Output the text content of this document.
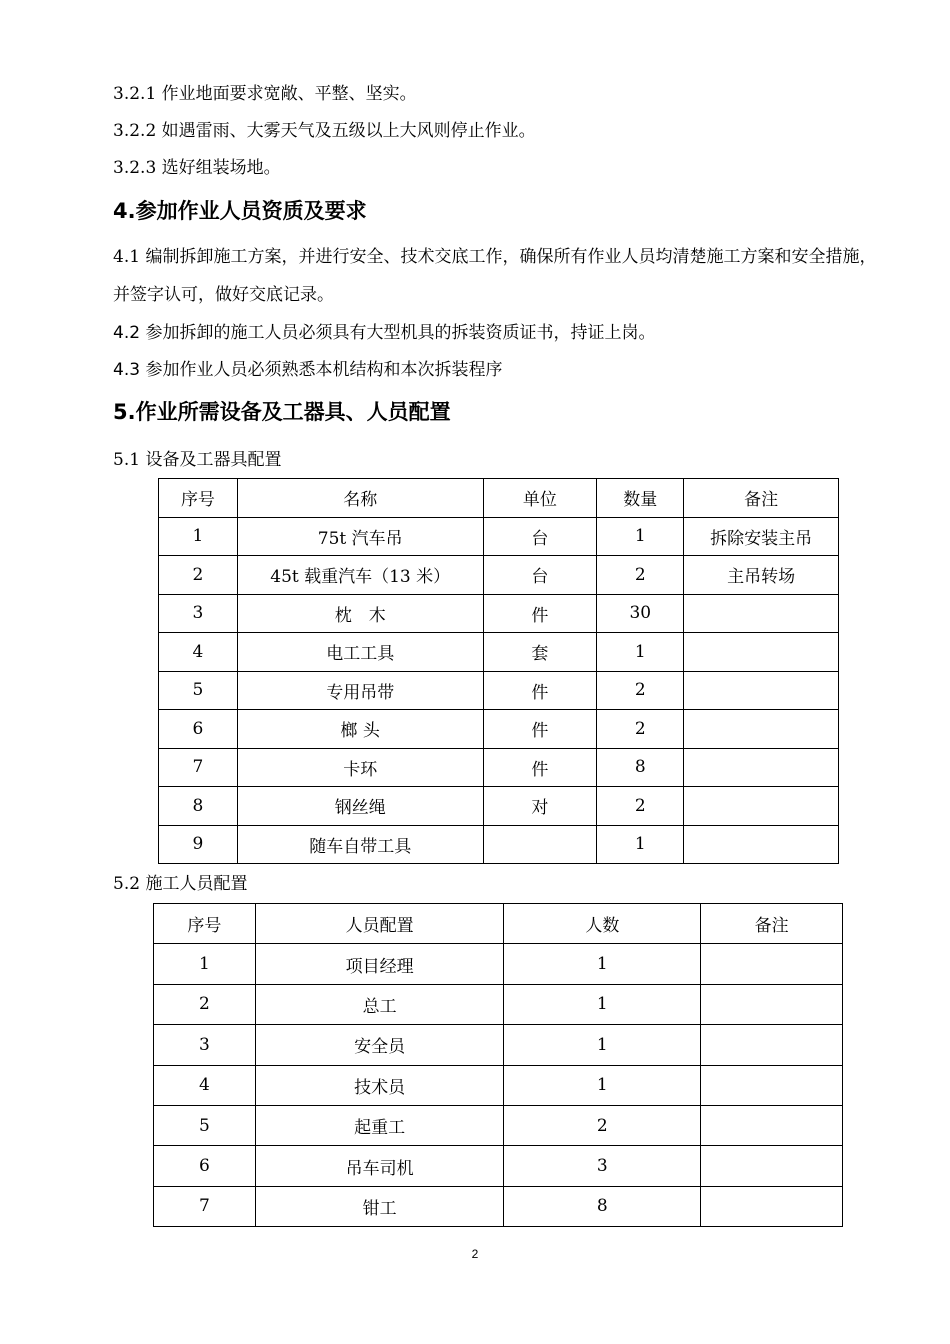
3.2.1 作业地面要求宽敞、平整、坚实。
3.2.2 如遇雷雨、大雾天气及五级以上大风则停止作业。
3.2.3 选好组装场地。
4.参加作业人员资质及要求
4.1 编制拆卸施工方案，并进行安全、技术交底工作，确保所有作业人员均清楚施工方案和安全措施，并签字认可，做好交底记录。
4.2 参加拆卸的施工人员必须具有大型机具的拆装资质证书，持证上岗。
4.3 参加作业人员必须熟悉本机结构和本次拆装程序
5.作业所需设备及工器具、人员配置
5.1 设备及工器具配置
序号	名称	单位	数量	备注
1	75t 汽车吊	台	1	拆除安装主吊
2	45t 载重汽车（13 米）	台	2	主吊转场
3	枕　木	件	30	
4	电工工具	套	1	
5	专用吊带	件	2	
6	榔 头	件	2	
7	卡环	件	8	
8	钢丝绳	对	2	
9	随车自带工具		1	
5.2 施工人员配置
序号	人员配置	人数	备注
1	项目经理	1	
2	总工	1	
3	安全员	1	
4	技术员	1	
5	起重工	2	
6	吊车司机	3	
7	钳工	8	
2
